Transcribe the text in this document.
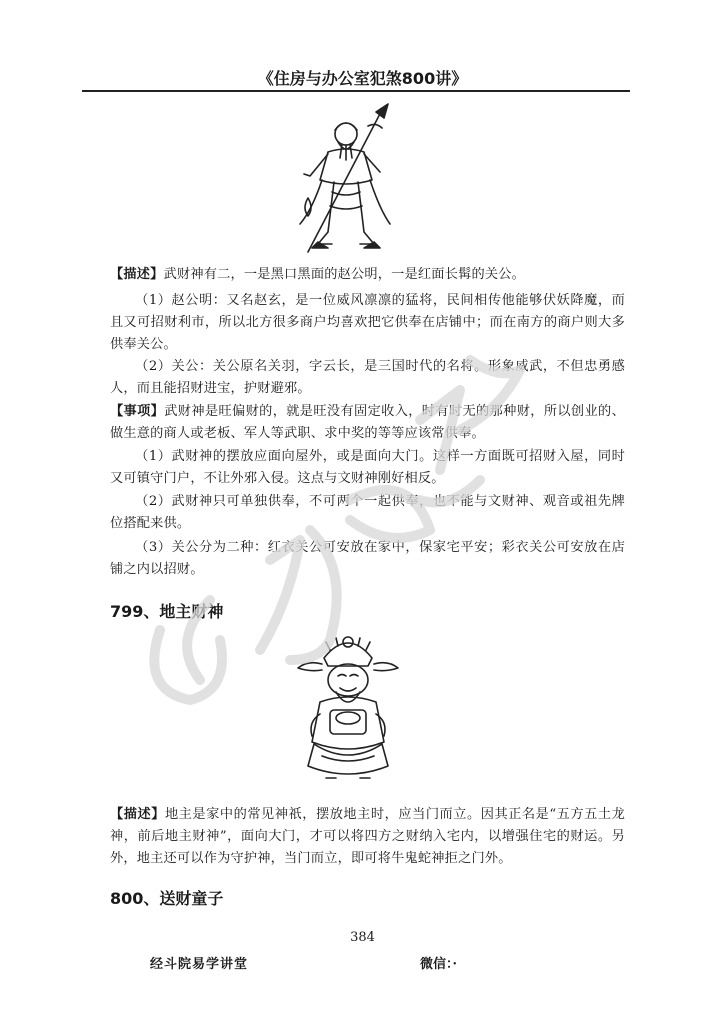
《住房与办公室犯煞800讲》

【描述】武财神有二，一是黑口黑面的赵公明，一是红面长髯的关公。

（1）赵公明：又名赵玄，是一位威风凛凛的猛将，民间相传他能够伏妖降魔，而且又可招财利市，所以北方很多商户均喜欢把它供奉在店铺中；而在南方的商户则大多供奉关公。

（2）关公：关公原名关羽，字云长，是三国时代的名将。形象威武，不但忠勇感人，而且能招财进宝，护财避邪。

【事项】武财神是旺偏财的，就是旺没有固定收入，时有时无的那种财，所以创业的、做生意的商人或老板、军人等武职、求中奖的等等应该常供奉。

（1）武财神的摆放应面向屋外，或是面向大门。这样一方面既可招财入屋，同时又可镇守门户，不让外邪入侵。这点与文财神刚好相反。

（2）武财神只可单独供奉，不可两个一起供奉，也不能与文财神、观音或祖先牌位搭配来供。

（3）关公分为二种：红衣关公可安放在家中，保家宅平安；彩衣关公可安放在店铺之内以招财。

799、地主财神

【描述】地主是家中的常见神祇，摆放地主时，应当门而立。因其正名是“五方五土龙神，前后地主财神”，面向大门，才可以将四方之财纳入宅内，以增强住宅的财运。另外，地主还可以作为守护神，当门而立，即可将牛鬼蛇神拒之门外。

800、送财童子
384
经斗院易学讲堂	微信：·
